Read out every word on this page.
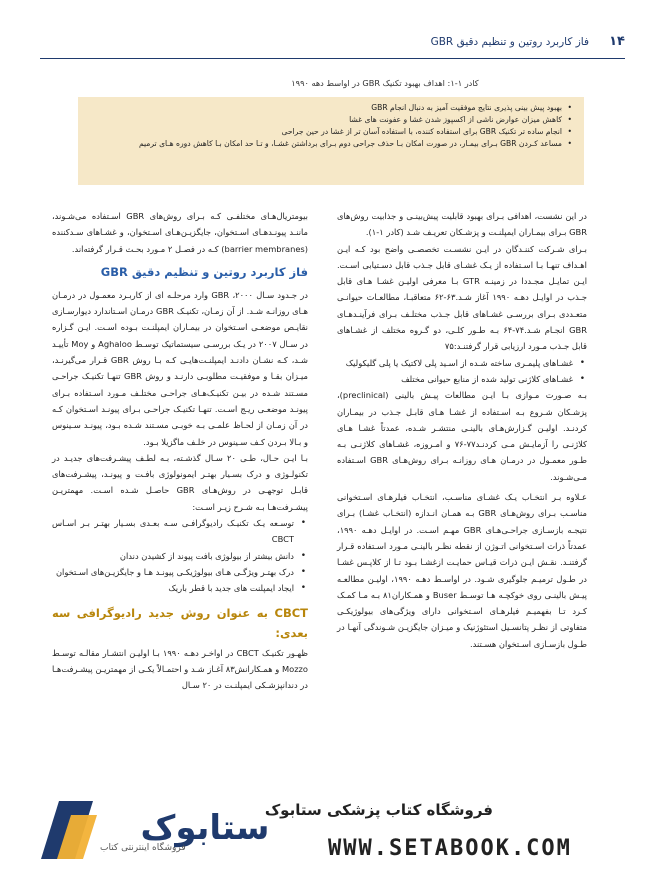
۱۴
فاز کاربرد روتین و تنظیم دقیق GBR
کادر ۱-۱: اهداف بهبود تکنیک GBR در اواسط دهه ۱۹۹۰
• بهبود پیش بینی پذیری نتایج موفقیت آمیز به دنبال انجام GBR
• کاهش میزان عوارض ناشی از اکسپوز شدن غشا و عفونت های غشا
• انجام ساده تر تکنیک GBR برای استفاده کننده، با استفاده آسان تر از غشا در حین جراحی
• مساعد کـردن GBR بـرای بیمـار، در صورت امکان بـا حذف جراحی دوم بـرای برداشتن غشـا، و تـا حد امکان بـا کاهش دوره هـای ترمیم

در این نشست، اهدافی بـرای بهبود قابلیت پیش‌بینـی و جذابیت روش‌های GBR بـرای بیمـاران ایمپلنـت و پزشـکان تعریـف شـد (کادر ۱-۱).

بـرای شـرکت کننـدگان در ایـن نشسـت تخصصـی واضح بود کـه ایـن اهـداف تنهـا بـا اسـتفاده از یـک غشـای قابل جـذب قابل دسـتیابی اسـت. ایـن تمایـل مجـددا در زمینـه GTR بـا معرفی اولیـن غشـا هـای قابل جـذب در اوایـل دهـه ۱۹۹۰ آغاز شـد.۶۳-۶۲ متعاقبـا، مطالعـات حیوانـی متعـددی بـرای بررسـی غشـاهای قابل جـذب مختلـف بـرای فرآینـدهـای GBR انجـام شـد.۷۴-۶۴ بـه طـور کلـی، دو گـروه مختلف از غشـاهای قابل جـذب مـورد ارزیابی قرار گرفتنـد:۷۵

• غشـاهای پلیمـری ساخته شـده از اسـید پلی لاکتیک یا پلی گلیکولیک
• غشـاهای کلاژنی تولید شده از منابع حیوانی مختلف

بـه صـورت مـوازی بـا ایـن مطالعات پیـش بالینی (preclinical)، پزشـکان شـروع بـه اسـتفاده از غشـا هـای قابـل جـذب در بیمـاران کردنـد. اولیـن گـزارش‌هـای بالینـی منتشـر شـده، عمدتاً غشـا هـای کلاژنـی را آزمایـش مـی کردنـد۷۷-۷۶ و امـروزه، غشـاهای کلاژنـی بـه طـور معمـول در درمـان هـای روزانـه بـرای روش‌هـای GBR اسـتفاده مـی‌شـوند.

عـلاوه بـر انتخـاب یـک غشـای مناسـب، انتخـاب فیلرهـای اسـتخوانی مناسـب بـرای روش‌هـای GBR بـه همـان انـدازه (انتخـاب غشـا) بـرای نتیجـه بازسـازی جراحـی‌هـای GBR مهـم اسـت. در اوایـل دهـه ۱۹۹۰، عمدتاً ذرات اسـتخوانی اتـوژن از نقطه نظـر بالینـی مـورد اسـتفاده قـرار گرفتنـد. نقـش ایـن ذرات قیـاس حمایـت ازغشـا بـود تـا از کلاپـس غشـا در طـول ترمیـم جلوگیری شـود. در اواسـط دهـه ۱۹۹۰، اولیـن مطالعـه پیـش بالینـی روی خوکچـه هـا توسـط Buser و همـکاران۸۱ بـه مـا کمـک کـرد تـا بفهمیـم فیلرهـای اسـتخوانی دارای ویژگی‌های بیولوژیکـی متفاوتی از نظـر پتانسـیل استئوژنیک و میـزان جایگزیـن شـوندگی آنهـا در طـول بازسـازی اسـتخوان هسـتند.

بیومتریال‌هـای مختلفـی کـه بـرای روش‌های GBR اسـتفاده می‌شـوند، ماننـد پیونـدهـای اسـتخوان، جایگزیـن‌هـای اسـتخوان، و غشـاهای سـدکننده (barrier membranes) کـه در فصـل ۲ مـورد بحـث قـرار گرفته‌اند.

فاز کاربرد روتین و تنظیم دقیق GBR

در جـدود سـال ۲۰۰۰، GBR وارد مرحلـه ای از کاربـرد معمـول در درمـان هـای روزانـه شـد. از آن زمـان، تکنیـک GBR درمـان اسـتاندارد دیوارسـازی نقایـص موضعـی اسـتخوان در بیمـاران ایمپلنـت بـوده اسـت. ایـن گـزاره در سـال ۲۰۰۷ در یـک بررسـی سیستماتیک توسـط Aghaloo و Moy تأییـد شـد، کـه نشـان دادنـد ایمپلنـت‌هایـی کـه بـا روش GBR قـرار می‌گیرنـد، میـزان بقـا و موفقیـت مطلوبـی دارنـد و روش GBR تنهـا تکنیـک جراحـی مسـتند شـده در بیـن تکنیـک‌هـای جراحـی مختلـف مـورد اسـتفاده بـرای پیونـد موضعـی ریـج اسـت. تنهـا تکنیـک جراحـی بـرای پیونـد اسـتخوان کـه در آن زمـان از لحـاظ علمـی بـه خوبـی مسـتند شـده بـود، پیونـد سـینوس و بـالا بـردن کـف سـینوس در خلـف ماگزیلا بـود.

بـا ایـن حـال، طـی ۲۰ سـال گذشـته، بـه لطـف پیشـرفت‌های جدیـد در تکنولـوژی و درک بسـیار بهتـر ایمونولوژی بافـت و پیونـد، پیشـرفت‌های قابـل توجهـی در روش‌هـای GBR حاصـل شـده اسـت. مهمتریـن پیشـرفت‌هـا بـه شـرح زیـر اسـت:

• توسـعه یـک تکنیـک رادیوگرافـی سـه بعـدی بسـیار بهتـر بـر اسـاس CBCT
• دانش بیشتر از بیولوژی بافت پیوند از کشیدن دندان
• درک بهتـر ویژگـی هـای بیولوژیکـی پیونـد هـا و جایگزیـن‌های اسـتخوان
• ایجاد ایمپلنت های جدید با قطر باریک
CBCT به عنوان روش جدید رادیوگرافی سه بعدی:

ظهـور تکنیـک CBCT در اواخـر دهـه ۱۹۹۰ بـا اولیـن انتشـار مقالـه توسـط Mozzo و همـکارانش۸۳ آغـاز شـد و احتمـالاً یکـی از مهمتریـن پیشـرفت‌هـا در دندانپزشـکی ایمپلنـت در ۲۰ سـال

ستابوک
فروشگاه اینترنتی کتاب
فروشگاه کتاب پزشکی ستابوک
WWW.SETABOOK.COM
